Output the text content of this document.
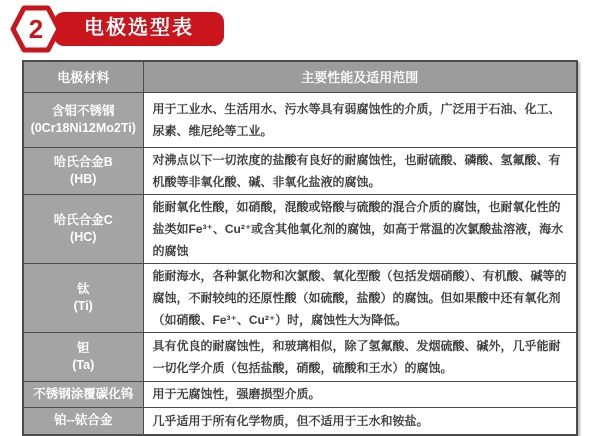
2	电极选型表
电极材料	主要性能及适用范围
含钼不锈钢
(0Cr18Ni12Mo2Ti)	用于工业水、生活用水、污水等具有弱腐蚀性的介质，广泛用于石油、化工、尿素、维尼纶等工业。
哈氏合金B
(HB)	对沸点以下一切浓度的盐酸有良好的耐腐蚀性，也耐硫酸、磷酸、氢氟酸、有机酸等非氧化酸、碱、非氧化盐液的腐蚀。
哈氏合金C
(HC)	能耐氧化性酸，如硝酸，混酸或铬酸与硫酸的混合介质的腐蚀，也耐氧化性的盐类如Fe³⁺、Cu²⁺或含其他氧化剂的腐蚀，如高于常温的次氯酸盐溶液，海水的腐蚀
钛
(Ti)	能耐海水，各种氯化物和次氯酸、氧化型酸（包括发烟硝酸）、有机酸、碱等的腐蚀，不耐较纯的还原性酸（如硫酸，盐酸）的腐蚀。但如果酸中还有氧化剂（如硝酸、Fe³⁺、Cu²⁺）时，腐蚀性大为降低。
钽
(Ta)	具有优良的耐腐蚀性，和玻璃相似，除了氢氟酸、发烟硫酸、碱外，几乎能耐一切化学介质（包括盐酸，硝酸，硫酸和王水）的腐蚀。
不锈钢涂覆碳化钨	用于无腐蚀性，强磨损型介质。
铂--铱合金	几乎适用于所有化学物质，但不适用于王水和铵盐。
